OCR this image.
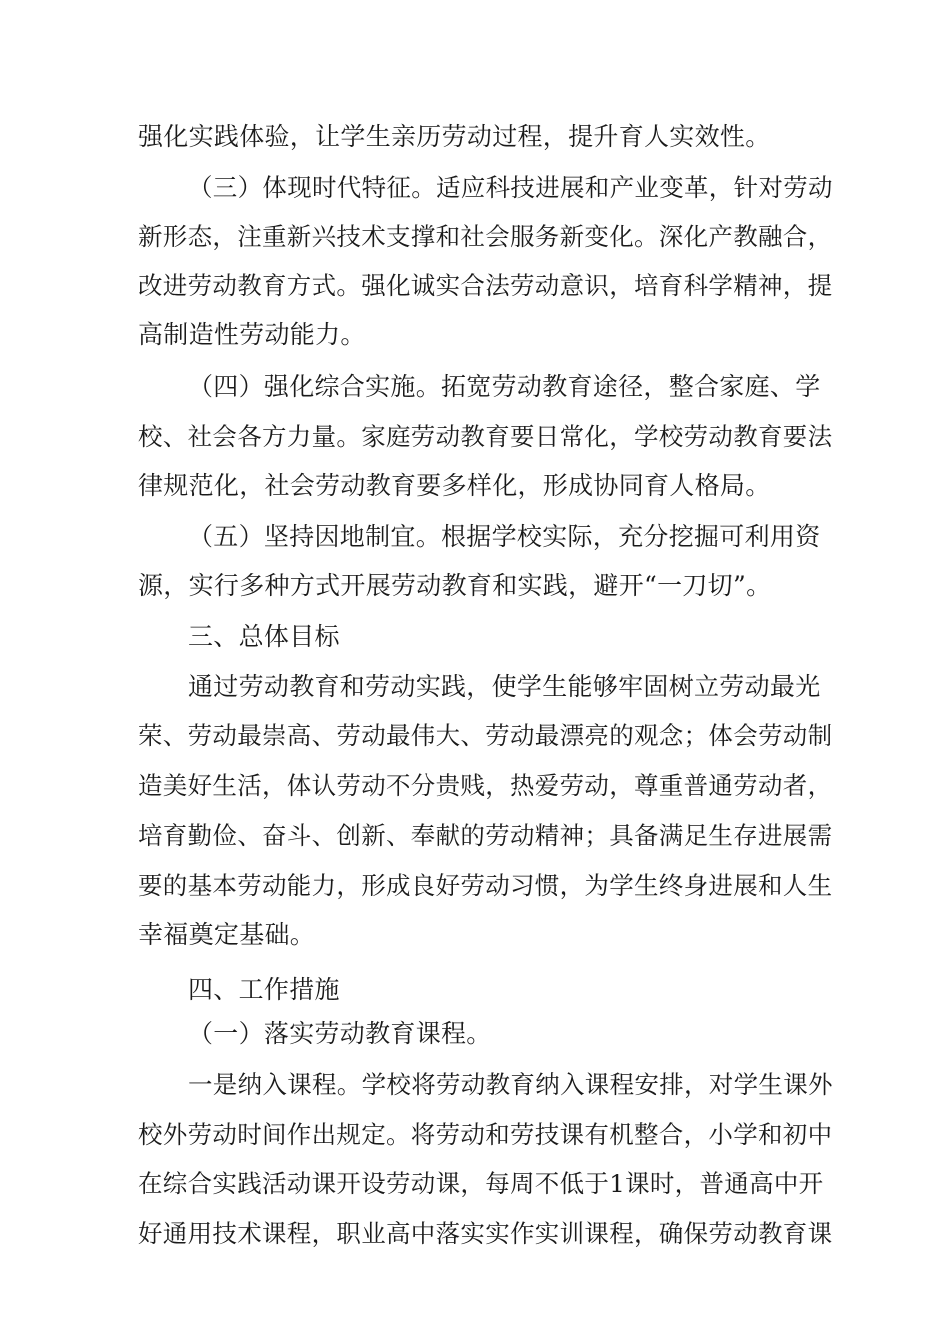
强化实践体验，让学生亲历劳动过程，提升育人实效性。
（三）体现时代特征。适应科技进展和产业变革，针对劳动
新形态，注重新兴技术支撑和社会服务新变化。深化产教融合，
改进劳动教育方式。强化诚实合法劳动意识，培育科学精神，提
高制造性劳动能力。
（四）强化综合实施。拓宽劳动教育途径，整合家庭、学
校、社会各方力量。家庭劳动教育要日常化，学校劳动教育要法
律规范化，社会劳动教育要多样化，形成协同育人格局。
（五）坚持因地制宜。根据学校实际，充分挖掘可利用资
源，实行多种方式开展劳动教育和实践，避开“一刀切”。
三、总体目标
通过劳动教育和劳动实践，使学生能够牢固树立劳动最光
荣、劳动最崇高、劳动最伟大、劳动最漂亮的观念；体会劳动制
造美好生活，体认劳动不分贵贱，热爱劳动，尊重普通劳动者，
培育勤俭、奋斗、创新、奉献的劳动精神；具备满足生存进展需
要的基本劳动能力，形成良好劳动习惯，为学生终身进展和人生
幸福奠定基础。
四、工作措施
（一）落实劳动教育课程。
一是纳入课程。学校将劳动教育纳入课程安排，对学生课外
校外劳动时间作出规定。将劳动和劳技课有机整合，小学和初中
在综合实践活动课开设劳动课，每周不低于1课时，普通高中开
好通用技术课程，职业高中落实实作实训课程，确保劳动教育课
